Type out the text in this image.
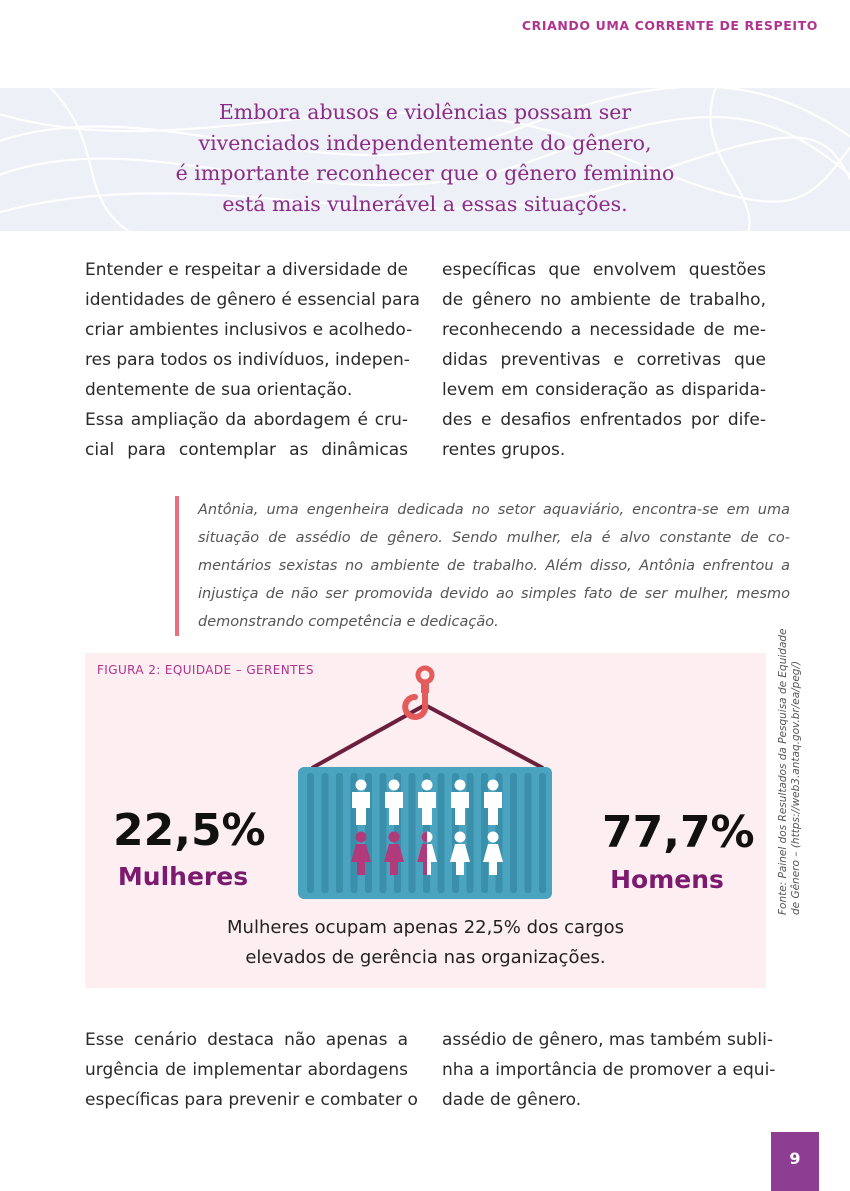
CRIANDO UMA CORRENTE DE RESPEITO
Embora abusos e violências possam ser
vivenciados independentemente do gênero,
é importante reconhecer que o gênero feminino
está mais vulnerável a essas situações.
Entender e respeitar a diversidade de
identidades de gênero é essencial para
criar ambientes inclusivos e acolhedo-
res para todos os indivíduos, indepen-
dentemente de sua orientação.
Essa ampliação da abordagem é cru-
cial para contemplar as dinâmicas
específicas que envolvem questões
de gênero no ambiente de trabalho,
reconhecendo a necessidade de me-
didas preventivas e corretivas que
levem em consideração as disparida-
des e desafios enfrentados por dife-
rentes grupos.
Antônia, uma engenheira dedicada no setor aquaviário, encontra-se em uma
situação de assédio de gênero. Sendo mulher, ela é alvo constante de co-
mentários sexistas no ambiente de trabalho. Além disso, Antônia enfrentou a
injustiça de não ser promovida devido ao simples fato de ser mulher, mesmo
demonstrando competência e dedicação.
FIGURA 2: EQUIDADE – GERENTES
22,5%
Mulheres
77,7%
Homens
Mulheres ocupam apenas 22,5% dos cargos
elevados de gerência nas organizações.
Fonte: Painel dos Resultados da Pesquisa de Equidade de Gênero – (https://web3.antaq.gov.br/ea/peg/)
Esse cenário destaca não apenas a
urgência de implementar abordagens
específicas para prevenir e combater o
assédio de gênero, mas também subli-
nha a importância de promover a equi-
dade de gênero.
9
